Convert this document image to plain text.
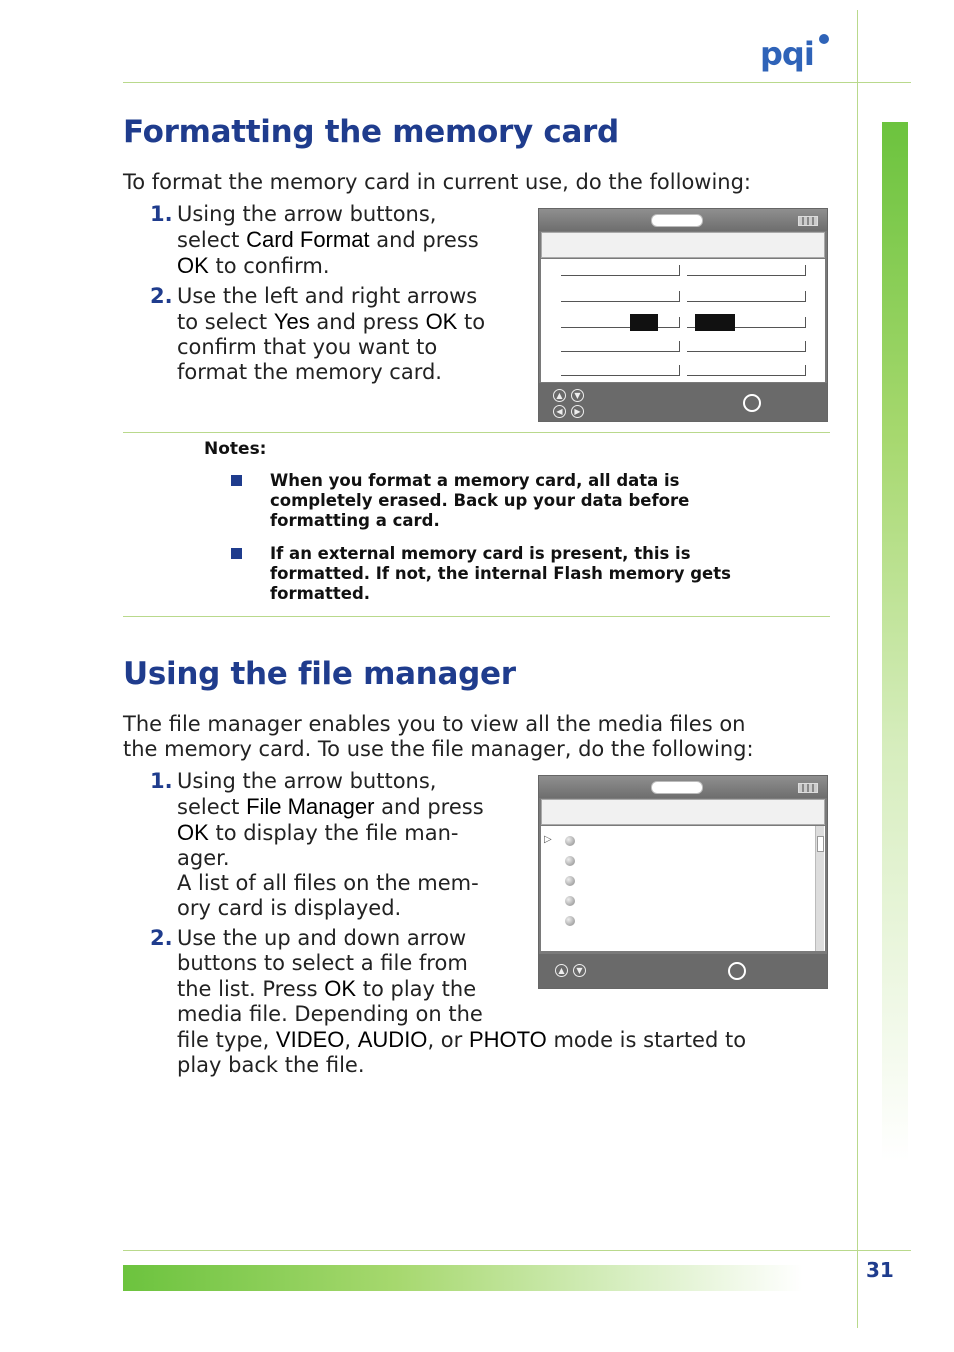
pqi
Formatting the memory card
To format the memory card in current use, do the following:
1. Using the arrow buttons,
select Card Format and press
OK to confirm.
2. Use the left and right arrows
to select Yes and press OK to
confirm that you want to
format the memory card.
▲	▼
◀	▶
Notes:
When you format a memory card, all data is
completely erased. Back up your data before
formatting a card.
If an external memory card is present, this is
formatted. If not, the internal Flash memory gets
formatted.
Using the file manager
The file manager enables you to view all the media files on
the memory card. To use the file manager, do the following:
1. Using the arrow buttons,
select File Manager and press
OK to display the file man-
ager.
A list of all files on the mem-
ory card is displayed.
2. Use the up and down arrow
buttons to select a file from
the list. Press OK to play the
media file. Depending on the
file type, VIDEO, AUDIO, or PHOTO mode is started to
play back the file.
▷
▲	▼
31
